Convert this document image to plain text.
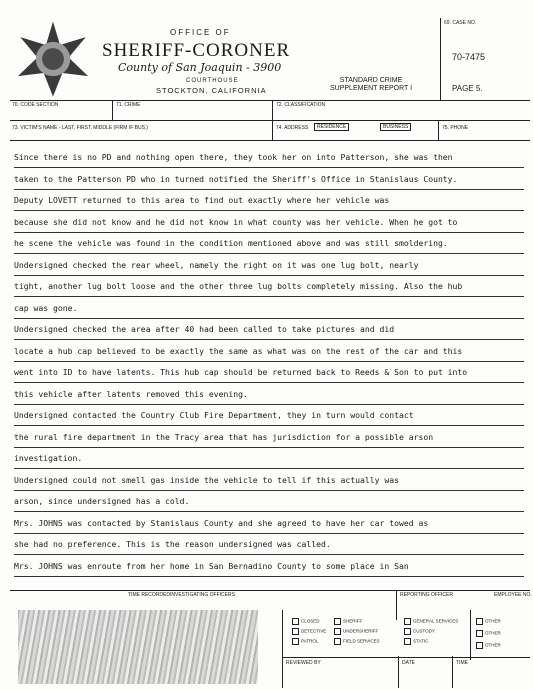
OFFICE OF
SHERIFF-CORONER
County of San Joaquin - 3900
COURTHOUSE
STOCKTON, CALIFORNIA
STANDARD CRIME
SUPPLEMENT REPORT I
69. CASE NO.
70-7475
PAGE 5.
70. CODE SECTION	71. CRIME	72. CLASSIFICATION
73. VICTIM'S NAME - LAST, FIRST, MIDDLE (FIRM IF BUS.)	74. ADDRESS	RESIDENCE	BUSINESS	75. PHONE
Since there is no PD and nothing open there, they took her on into Patterson, she was then
taken to the Patterson PD who in turned notified the Sheriff's Office in Stanislaus County.
Deputy LOVETT returned to this area to find out exactly where her vehicle was
because she did not know and he did not know in what county was her vehicle. When he got to
he scene the vehicle was found in the condition mentioned above and was still smoldering.
Undersigned checked the rear wheel, namely the right on it was one lug bolt, nearly
tight, another lug bolt loose and the other three lug bolts completely missing. Also the hub
cap was gone.
Undersigned checked the area after 40 had been called to take pictures and did
locate a hub cap believed to be exactly the same as what was on the rest of the car and this
went into ID to have latents. This hub cap should be returned back to Reeds & Son to put into
this vehicle after latents removed this evening.
Undersigned contacted the Country Club Fire Department, they in turn would contact
the rural fire department in the Tracy area that has jurisdiction for a possible arson
investigation.
Undersigned could not smell gas inside the vehicle to tell if this actually was
arson, since undersigned has a cold.
Mrs. JOHNS was contacted by Stanislaus County and she agreed to have her car towed as
she had no preference. This is the reason undersigned was called.
Mrs. JOHNS was enroute from her home in San Bernadino County to some place in San
TIME RECORDED INVESTIGATING OFFICERS	REPORTING OFFICER	EMPLOYEE NO.
CLOSED
DETECTIVE
PATROL
SHERIFF
UNDERSHERIFF
FIELD SERVICES
GENERAL SERVICES
CUSTODY
STATIC
OTHER
OTHER
OTHER
REVIEWED BY	DATE	TIME
